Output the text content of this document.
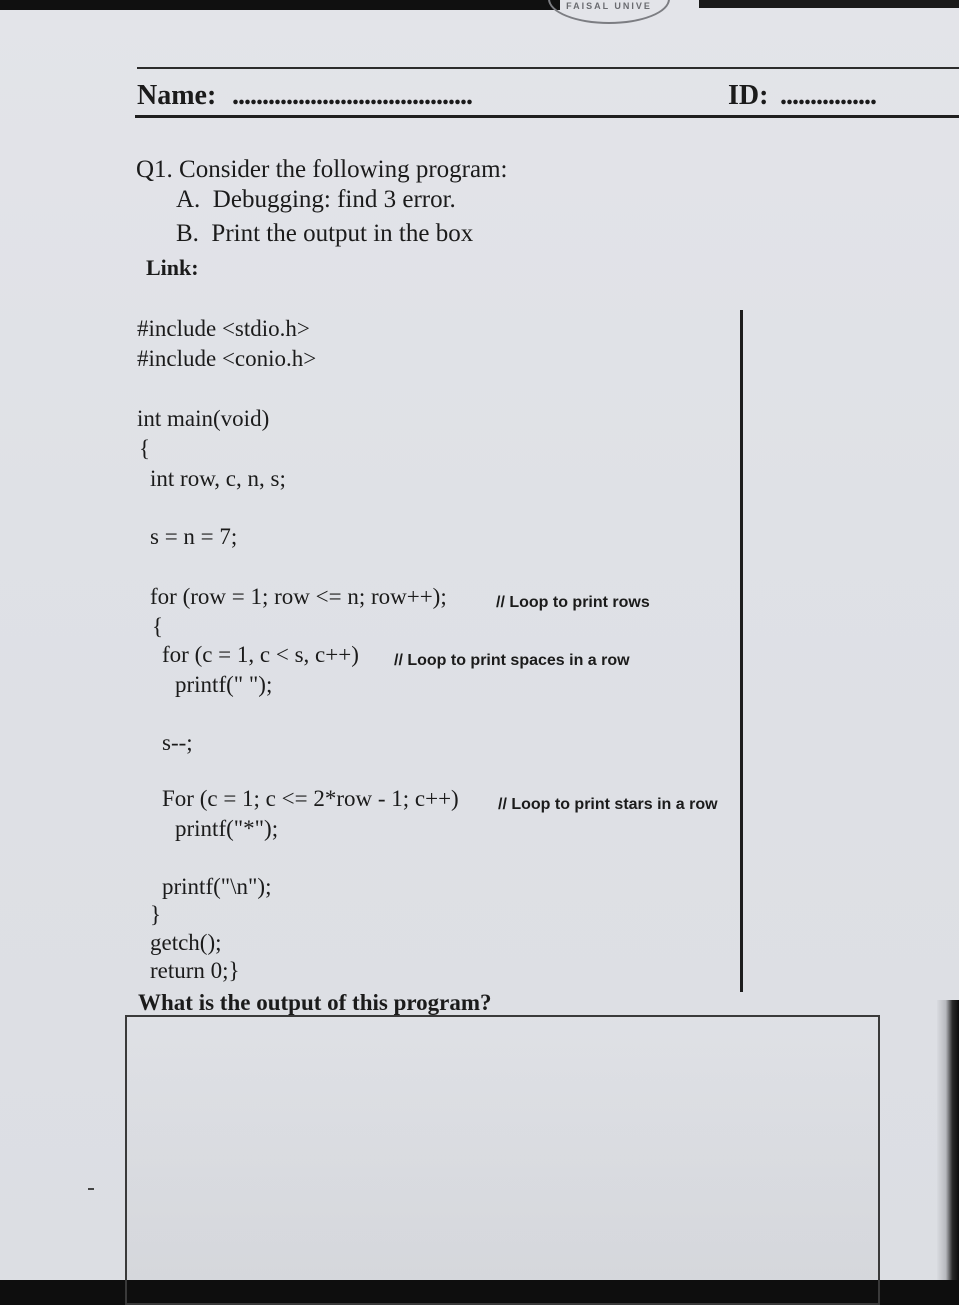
FAISAL UNIVE
Name: ........................................	ID: ................
Q1. Consider the following program:
A.  Debugging: find 3 error.
B.  Print the output in the box
Link:
#include <stdio.h>
#include <conio.h>
int main(void)
{
int row, c, n, s;
s = n = 7;
for (row = 1; row <= n; row++);	// Loop to print rows
{
for (c = 1, c < s, c++) // Loop to print spaces in a row
printf(" ");
s--;
For (c = 1; c <= 2*row - 1; c++) // Loop to print stars in a row
printf("*");
printf("\n");
}
getch();
return 0;}
What is the output of this program?
